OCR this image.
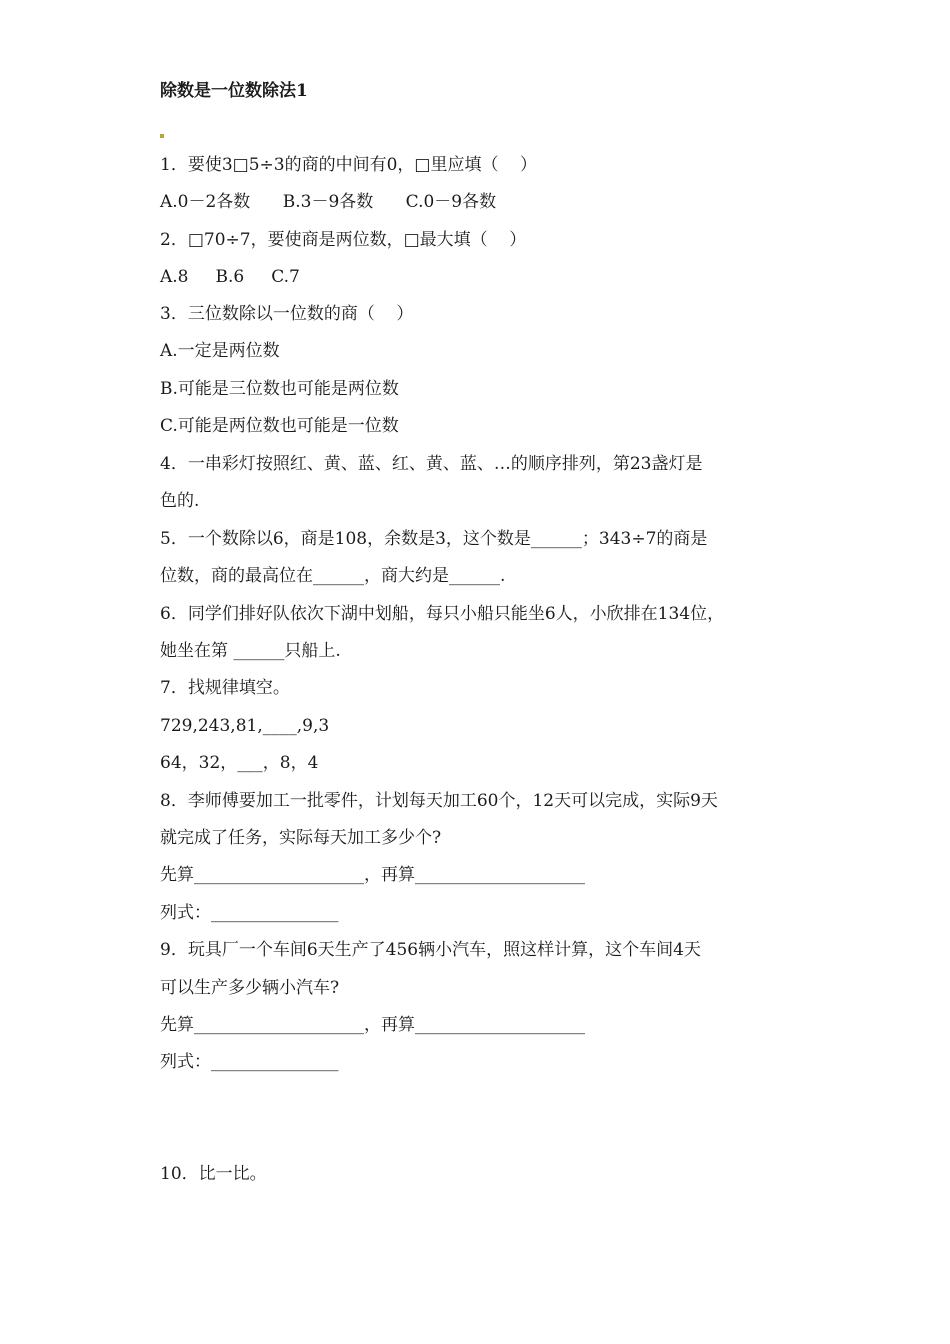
除数是一位数除法1
1．要使3□5÷3的商的中间有0，□里应填（    ）
A.0－2各数      B.3－9各数      C.0－9各数
2．□70÷7，要使商是两位数，□最大填（    ）
A.8     B.6     C.7
3．三位数除以一位数的商（    ）
A.一定是两位数
B.可能是三位数也可能是两位数
C.可能是两位数也可能是一位数
4．一串彩灯按照红、黄、蓝、红、黄、蓝、…的顺序排列，第23盏灯是
色的.
5．一个数除以6，商是108，余数是3，这个数是______；343÷7的商是
位数，商的最高位在______，商大约是______.
6．同学们排好队依次下湖中划船，每只小船只能坐6人，小欣排在134位，
她坐在第 ______只船上.
7．找规律填空。
729,243,81,____,9,3
64，32，___，8，4
8．李师傅要加工一批零件，计划每天加工60个，12天可以完成，实际9天
就完成了任务，实际每天加工多少个?
先算____________________，再算____________________
列式：_______________
9．玩具厂一个车间6天生产了456辆小汽车，照这样计算，这个车间4天
可以生产多少辆小汽车?
先算____________________，再算____________________
列式：_______________
10．比一比。
